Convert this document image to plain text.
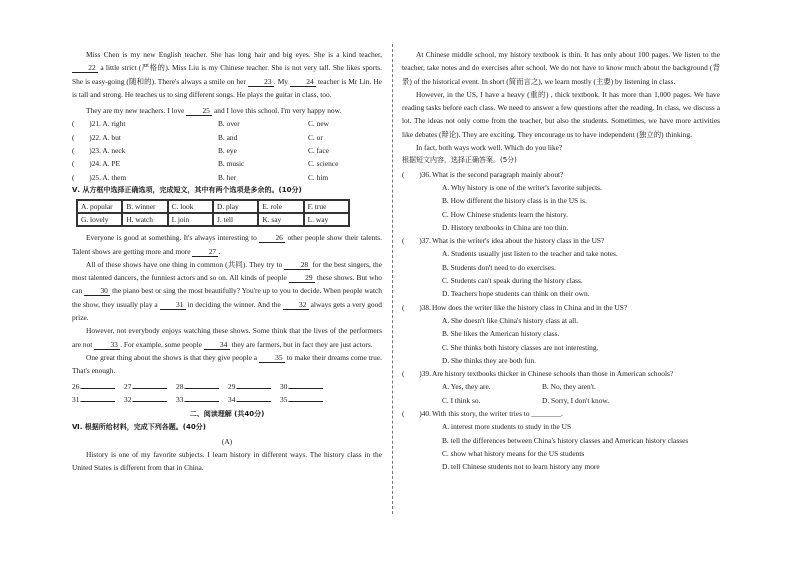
Miss Chen is my new English teacher. She has long hair and big eyes. She is a kind teacher, 22 a little strict (严格的). Miss Liu is my Chinese teacher. She is not very tall. She likes sports. She is easy-going (随和的). There's always a smile on her 23 . My 24 teacher is Mr Lin. He is tall and strong. He teaches us to sing different songs. He plays the guitar in class, too.

They are my new teachers. I love 25 and I love this school. I'm very happy now.

(　　)21. A. right	B. over	C. new
(　　)22. A. but	B. and	C. or
(　　)23. A. neck	B. eye	C. face
(　　)24. A. PE	B. music	C. science
(　　)25. A. them	B. her	C. him
Ⅴ. 从方框中选择正确选项，完成短文，其中有两个选项是多余的。(10分)
A. popular	B. winner	C. look	D. play	E. role	F. true
G. lovely	H. watch	I. join	J. tell	K. say	L. way

Everyone is good at something. It's always interesting to	26 other people show their talents. Talent shows are getting more and more 27 .

All of these shows have one thing in common (共同). They try to 28 for the best singers, the most talented dancers, the funniest actors and so on. All kinds of people 29 these shows. But who can 30 the piano best or sing the most beautifully? You're up to you to decide. When people watch the show, they usually play a 31 in deciding the winner. And the 32 always gets a very good prize.

However, not everybody enjoys watching these shows. Some think that the lives of the performers are not 33 . For example, some people 34 they are farmers, but in fact they are just actors.

One great thing about the shows is that they give people a 35 to make their dreams come true. That's enough.

26.	27.	28.	29.	30.
31.	32.	33.	34.	35.
二、阅读理解 (共40分)
Ⅵ. 根据所给材料，完成下列各题。(40分)
(A)

History is one of my favorite subjects. I learn history in different ways. The history class in the United States is different from that in China.

At Chinese middle school, my history textbook is thin. It has only about 100 pages. We listen to the teacher, take notes and do exercises after school. We do not have to know much about the background (背景) of the historical event. In short (简而言之), we learn mostly (主要) by listening in class.

However, in the US, I have a heavy (重的) , thick textbook. It has more than 1,000 pages. We have reading tasks before each class. We need to answer a few questions after the reading. In class, we discuss a lot. The ideas not only come from the teacher, but also the students. Sometimes, we have more activities like debates (辩论). They are exciting. They encourage us to have independent (独立的) thinking.

In fact, both ways work well. Which do you like?

根据短文内容，选择正确答案。(5分)
(　　)36. What is the second paragraph mainly about?
A. Why history is one of the writer's favorite subjects.
B. How different the history class is in the US is.
C. How Chinese students learn the history.
D. History textbooks in China are too thin.
(　　)37. What is the writer's idea about the history class in the US?
A. Students usually just listen to the teacher and take notes.
B. Students don't need to do exercises.
C. Students can't speak during the history class.
D. Teachers hope students can think on their own.
(　　)38. How does the writer like the history class in China and in the US?
A. She doesn't like China's history class at all.
B. She likes the American history class.
C. She thinks both history classes are not interesting.
D. She thinks they are both fun.
(　　)39. Are history textbooks thicker in Chinese schools than those in American schools?
A. Yes, they are.	B. No, they aren't.
C. I think so.	D. Sorry, I don't know.
(　　)40. With this story, the writer tries to ________.
A. interest more students to study in the US
B. tell the differences between China's history classes and American history classes
C. show what history means for the US students
D. tell Chinese students not to learn history any more
